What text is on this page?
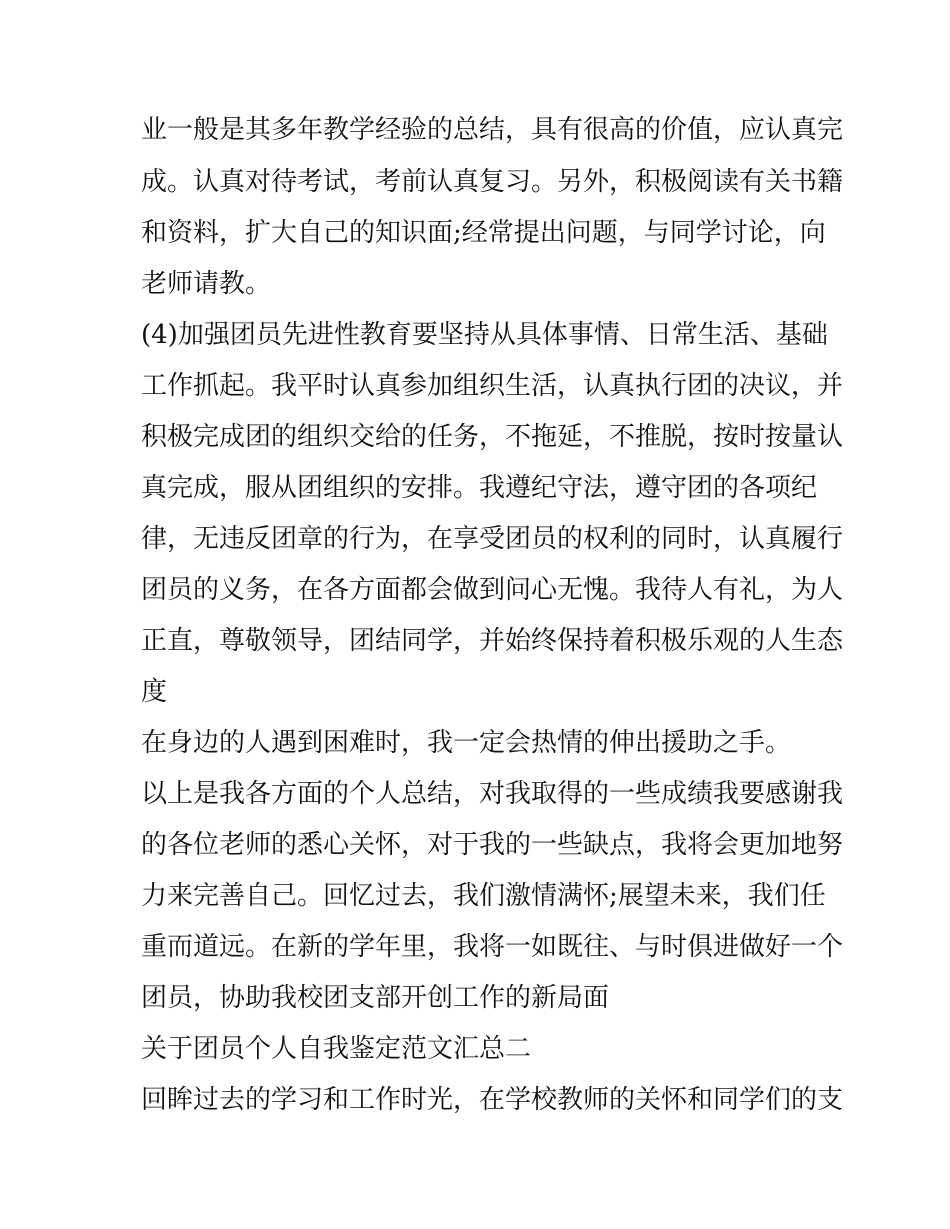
业一般是其多年教学经验的总结，具有很高的价值，应认真完
成。认真对待考试，考前认真复习。另外，积极阅读有关书籍
和资料，扩大自己的知识面;经常提出问题，与同学讨论，向
老师请教。
(4)加强团员先进性教育要坚持从具体事情、日常生活、基础
工作抓起。我平时认真参加组织生活，认真执行团的决议，并
积极完成团的组织交给的任务，不拖延，不推脱，按时按量认
真完成，服从团组织的安排。我遵纪守法，遵守团的各项纪
律，无违反团章的行为，在享受团员的权利的同时，认真履行
团员的义务，在各方面都会做到问心无愧。我待人有礼，为人
正直，尊敬领导，团结同学，并始终保持着积极乐观的人生态
度
在身边的人遇到困难时，我一定会热情的伸出援助之手。
以上是我各方面的个人总结，对我取得的一些成绩我要感谢我
的各位老师的悉心关怀，对于我的一些缺点，我将会更加地努
力来完善自己。回忆过去，我们激情满怀;展望未来，我们任
重而道远。在新的学年里，我将一如既往、与时俱进做好一个
团员，协助我校团支部开创工作的新局面
关于团员个人自我鉴定范文汇总二
回眸过去的学习和工作时光，在学校教师的关怀和同学们的支
